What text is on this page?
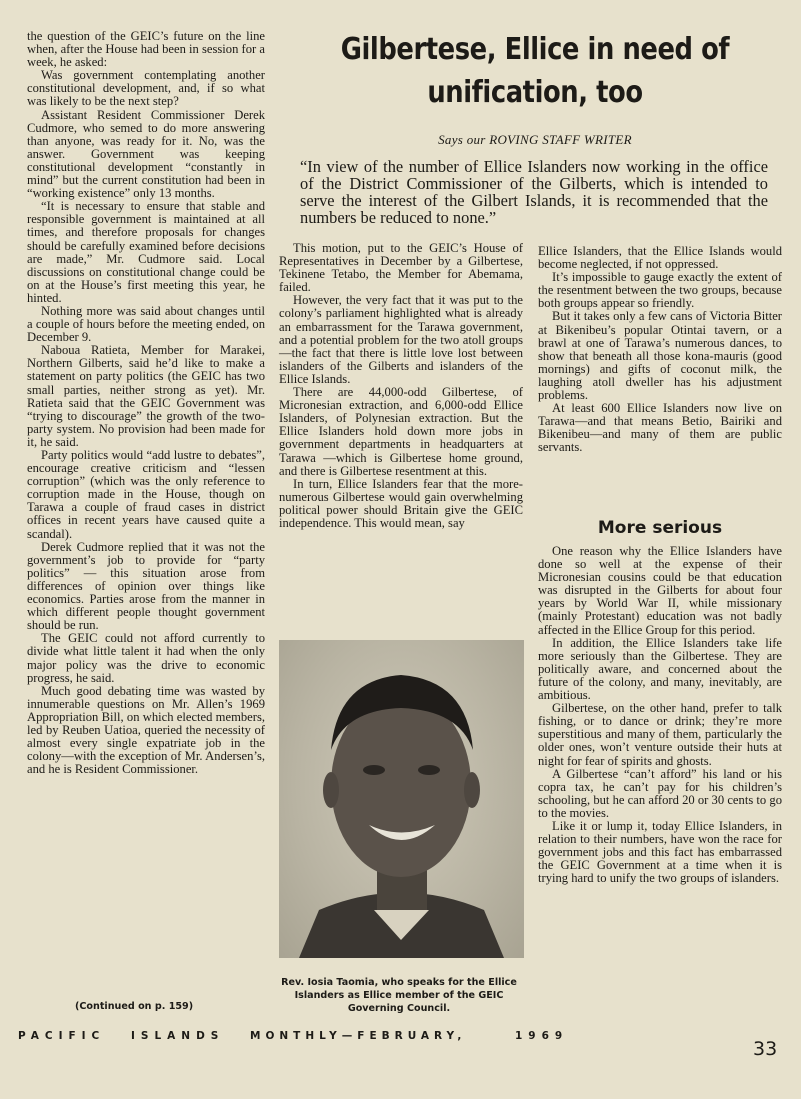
Gilbertese, Ellice in need of unification, too
Says our ROVING STAFF WRITER
“In view of the number of Ellice Islanders now working in the office of the District Commissioner of the Gilberts, which is intended to serve the interest of the Gilbert Islands, it is recommended that the numbers be reduced to none.”

the question of the GEIC’s future on the line when, after the House had been in session for a week, he asked:

Was government contemplating another constitutional development, and, if so what was likely to be the next step?

Assistant Resident Commissioner Derek Cudmore, who semed to do more answering than anyone, was ready for it. No, was the answer. Government was keeping constitutional development “constantly in mind” but the current constitution had been in “working existence” only 13 months.

“It is necessary to ensure that stable and responsible government is maintained at all times, and therefore proposals for changes should be carefully examined before decisions are made,” Mr. Cudmore said. Local discussions on constitutional change could be on at the House’s first meeting this year, he hinted.

Nothing more was said about changes until a couple of hours before the meeting ended, on December 9.

Naboua Ratieta, Member for Marakei, Northern Gilberts, said he’d like to make a statement on party politics (the GEIC has two small parties, neither strong as yet). Mr. Ratieta said that the GEIC Government was “trying to discourage” the growth of the two-party system. No provision had been made for it, he said.

Party politics would “add lustre to debates”, encourage creative criticism and “lessen corruption” (which was the only reference to corruption made in the House, though on Tarawa a couple of fraud cases in district offices in recent years have caused quite a scandal).

Derek Cudmore replied that it was not the government’s job to provide for “party politics” — this situation arose from differences of opinion over things like economics. Parties arose from the manner in which different people thought government should be run.

The GEIC could not afford currently to divide what little talent it had when the only major policy was the drive to economic progress, he said.

Much good debating time was wasted by innumerable questions on Mr. Allen’s 1969 Appropriation Bill, on which elected members, led by Reuben Uatioa, queried the necessity of almost every single expatriate job in the colony—with the exception of Mr. Andersen’s, and he is Resident Commissioner.

(Continued on p. 159)

This motion, put to the GEIC’s House of Representatives in December by a Gilbertese, Tekinene Tetabo, the Member for Abemama, failed.

However, the very fact that it was put to the colony’s parliament highlighted what is already an embarrassment for the Tarawa government, and a potential problem for the two atoll groups—the fact that there is little love lost between islanders of the Gilberts and islanders of the Ellice Islands.

There are 44,000-odd Gilbertese, of Micronesian extraction, and 6,000-odd Ellice Islanders, of Polynesian extraction. But the Ellice Islanders hold down more jobs in government departments in headquarters at Tarawa —which is Gilbertese home ground, and there is Gilbertese resentment at this.

In turn, Ellice Islanders fear that the more-numerous Gilbertese would gain overwhelming political power should Britain give the GEIC independence. This would mean, say

Rev. Iosia Taomia, who speaks for the Ellice Islanders as Ellice member of the GEIC Governing Council.

Ellice Islanders, that the Ellice Islands would become neglected, if not oppressed.

It’s impossible to gauge exactly the extent of the resentment between the two groups, because both groups appear so friendly.

But it takes only a few cans of Victoria Bitter at Bikenibeu’s popular Otintai tavern, or a brawl at one of Tarawa’s numerous dances, to show that beneath all those kona-mauris (good mornings) and gifts of coconut milk, the laughing atoll dweller has his adjustment problems.

At least 600 Ellice Islanders now live on Tarawa—and that means Betio, Bairiki and Bikenibeu—and many of them are public servants.

More serious

One reason why the Ellice Islanders have done so well at the expense of their Micronesian cousins could be that education was disrupted in the Gilberts for about four years by World War II, while missionary (mainly Protestant) education was not badly affected in the Ellice Group for this period.

In addition, the Ellice Islanders take life more seriously than the Gilbertese. They are politically aware, and concerned about the future of the colony, and many, inevitably, are ambitious.

Gilbertese, on the other hand, prefer to talk fishing, or to dance or drink; they’re more superstitious and many of them, particularly the older ones, won’t venture outside their huts at night for fear of spirits and ghosts.

A Gilbertese “can’t afford” his land or his copra tax, he can’t pay for his children’s schooling, but he can afford 20 or 30 cents to go to the movies.

Like it or lump it, today Ellice Islanders, in relation to their numbers, have won the race for government jobs and this fact has embarrassed the GEIC Government at a time when it is trying hard to unify the two groups of islanders.

PACIFIC ISLANDS MONTHLY—FEBRUARY,	1969
33
